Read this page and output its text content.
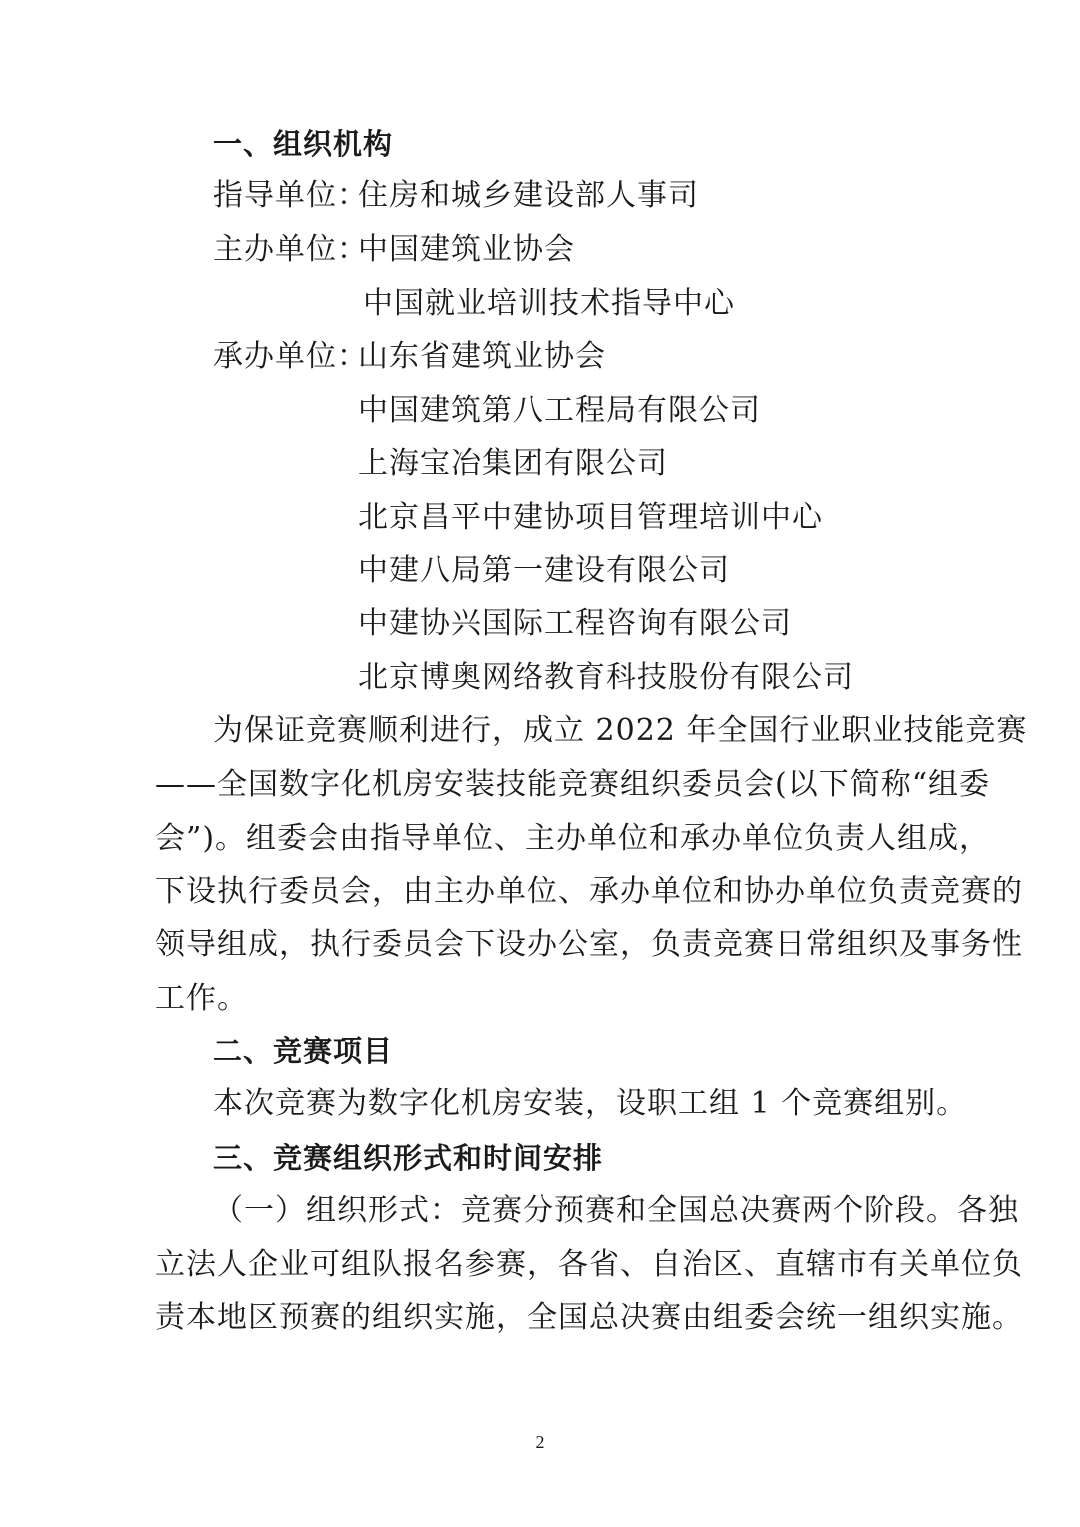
一、组织机构
指导单位：
住房和城乡建设部人事司
主办单位：
中国建筑业协会
中国就业培训技术指导中心
承办单位：
山东省建筑业协会
中国建筑第八工程局有限公司
上海宝冶集团有限公司
北京昌平中建协项目管理培训中心
中建八局第一建设有限公司
中建协兴国际工程咨询有限公司
北京博奥网络教育科技股份有限公司
为保证竞赛顺利进行，成立 2022 年全国行业职业技能竞赛
——全国数字化机房安装技能竞赛组织委员会(以下简称“组委
会”)。组委会由指导单位、主办单位和承办单位负责人组成，
下设执行委员会，由主办单位、承办单位和协办单位负责竞赛的
领导组成，执行委员会下设办公室，负责竞赛日常组织及事务性
工作。
二、竞赛项目
本次竞赛为数字化机房安装，设职工组 1 个竞赛组别。
三、竞赛组织形式和时间安排
（一）组织形式：竞赛分预赛和全国总决赛两个阶段。各独
立法人企业可组队报名参赛，各省、自治区、直辖市有关单位负
责本地区预赛的组织实施，全国总决赛由组委会统一组织实施。
2
